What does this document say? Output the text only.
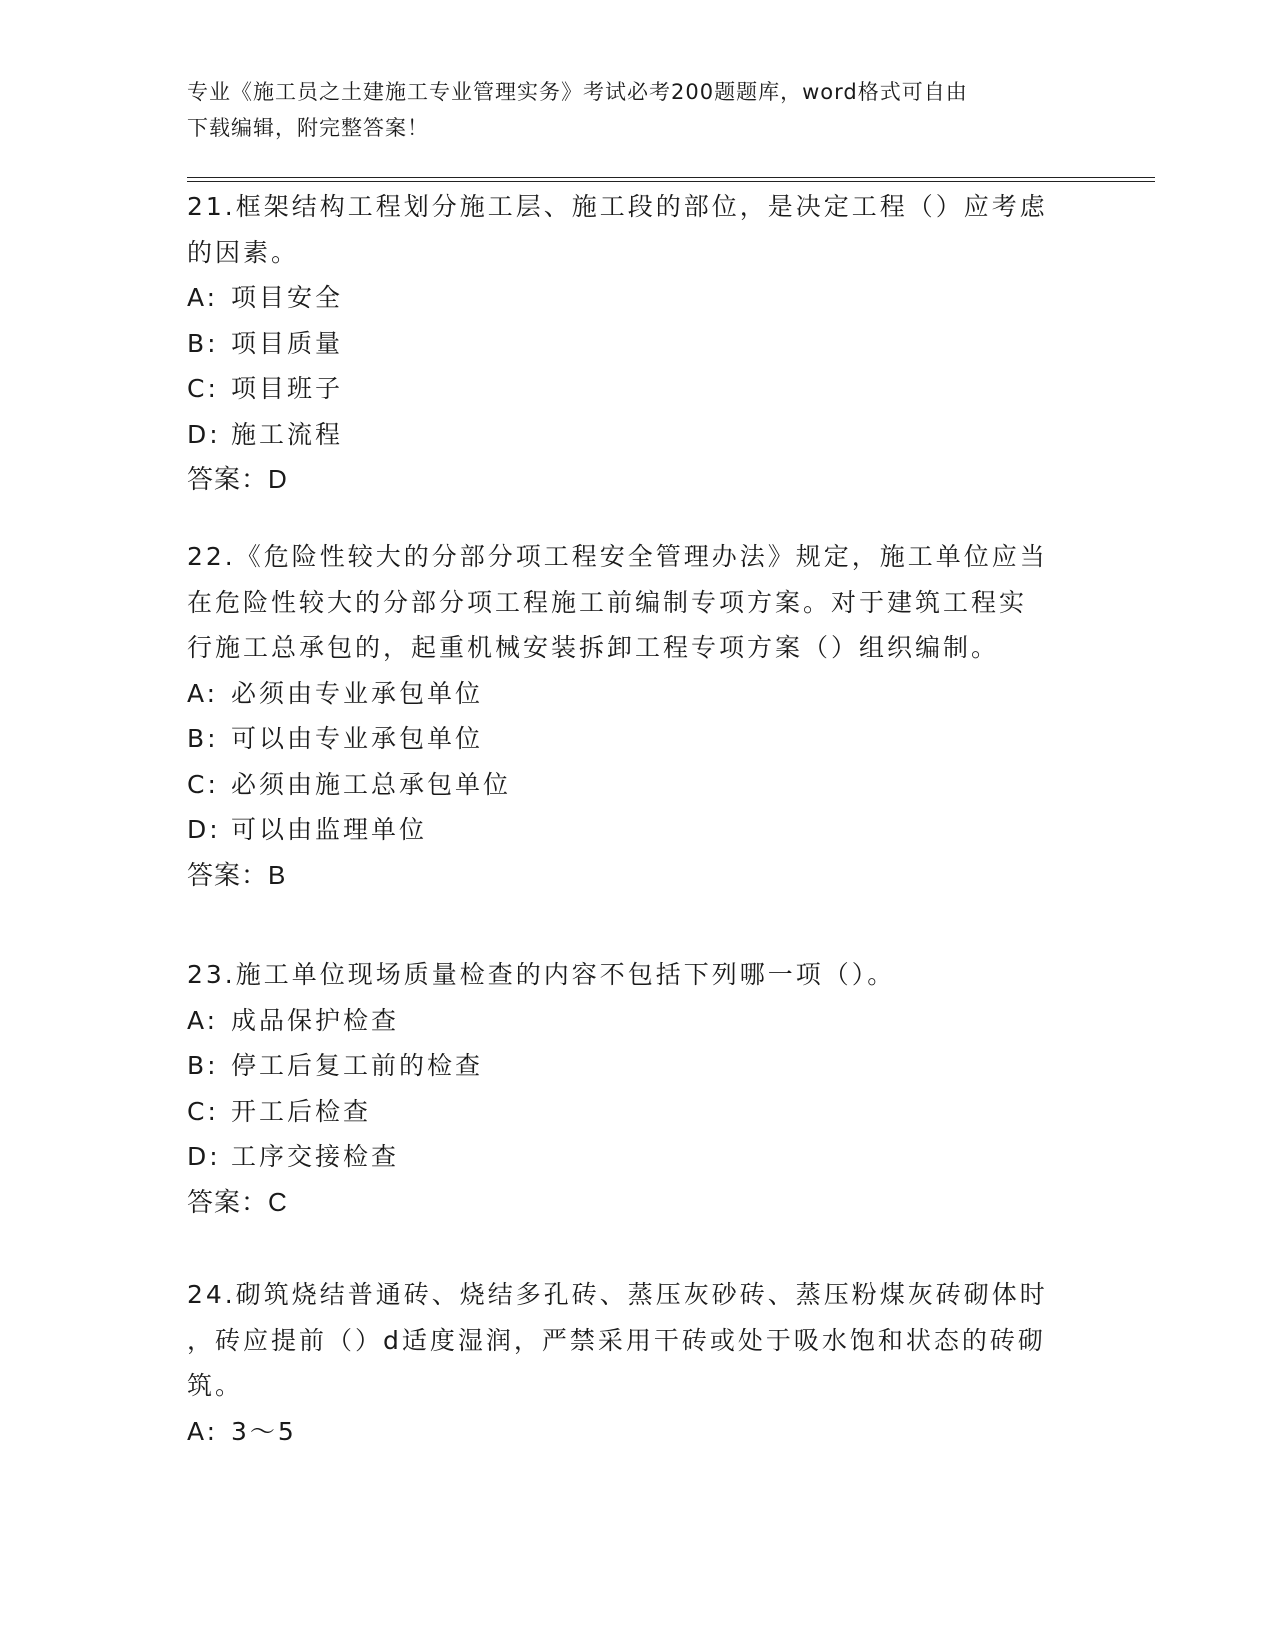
专业《施工员之土建施工专业管理实务》考试必考200题题库，word格式可自由
下载编辑，附完整答案！

21.框架结构工程划分施工层、施工段的部位，是决定工程（）应考虑

的因素。

A: 项目安全

B: 项目质量

C: 项目班子

D: 施工流程

答案：D

22.《危险性较大的分部分项工程安全管理办法》规定，施工单位应当

在危险性较大的分部分项工程施工前编制专项方案。对于建筑工程实

行施工总承包的，起重机械安装拆卸工程专项方案（）组织编制。

A: 必须由专业承包单位

B: 可以由专业承包单位

C: 必须由施工总承包单位

D: 可以由监理单位

答案：B

23.施工单位现场质量检查的内容不包括下列哪一项（）。

A: 成品保护检查

B: 停工后复工前的检查

C: 开工后检查

D: 工序交接检查

答案：C

24.砌筑烧结普通砖、烧结多孔砖、蒸压灰砂砖、蒸压粉煤灰砖砌体时

，砖应提前（）d适度湿润，严禁采用干砖或处于吸水饱和状态的砖砌

筑。

A: 3～5
